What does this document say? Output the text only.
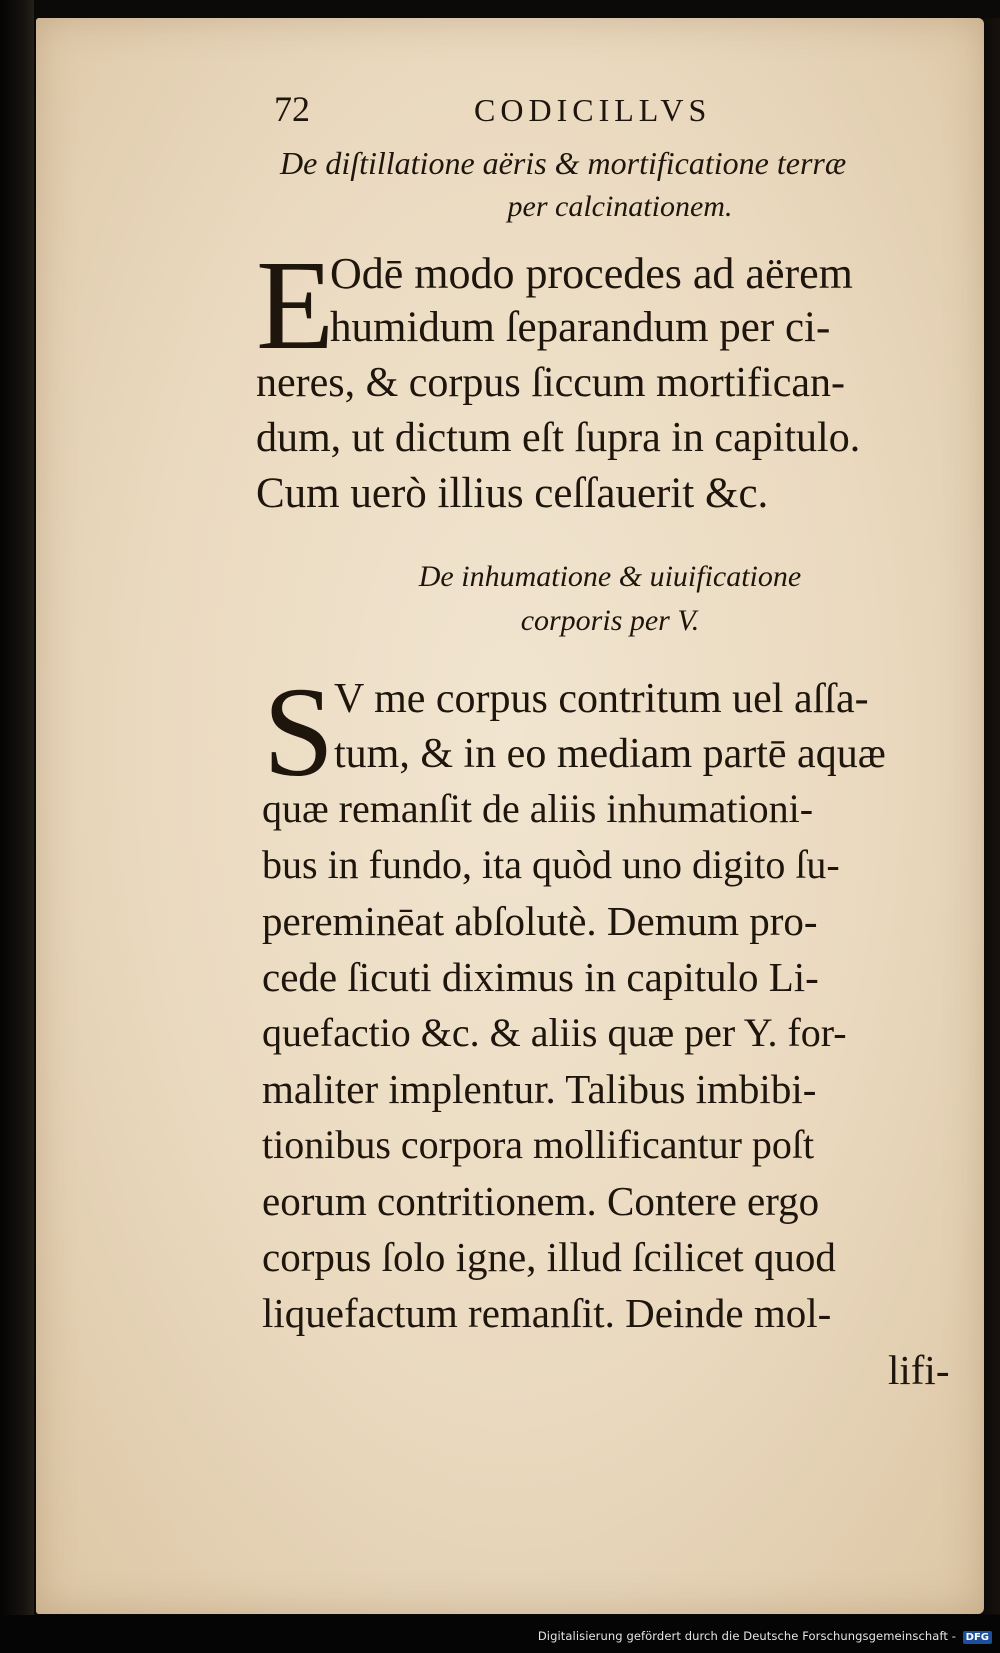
72	CODICILLVS
De diſtillatione aëris & mortificatione terræ
per calcinationem.
E
Odē modo procedes ad aërem
humidum ſeparandum per ci-
neres, & corpus ſiccum mortifican-
dum, ut dictum eſt ſupra in capitulo.
Cum uerò illius ceſſauerit &c.
De inhumatione & uiuificatione
corporis per V.
S V me corpus contritum uel aſſa-
tum, & in eo mediam partē aquæ
quæ remanſit de aliis inhumationi-
bus in fundo, ita quòd uno digito ſu-
pereminēat abſolutè. Demum pro-
cede ſicuti diximus in capitulo Li-
quefactio &c. & aliis quæ per Y. for-
maliter implentur. Talibus imbibi-
tionibus corpora mollificantur poſt
eorum contritionem. Contere ergo
corpus ſolo igne, illud ſcilicet quod
liquefactum remanſit. Deinde mol-
lifi-
Digitalisierung gefördert durch die Deutsche Forschungsgemeinschaft - DFG
